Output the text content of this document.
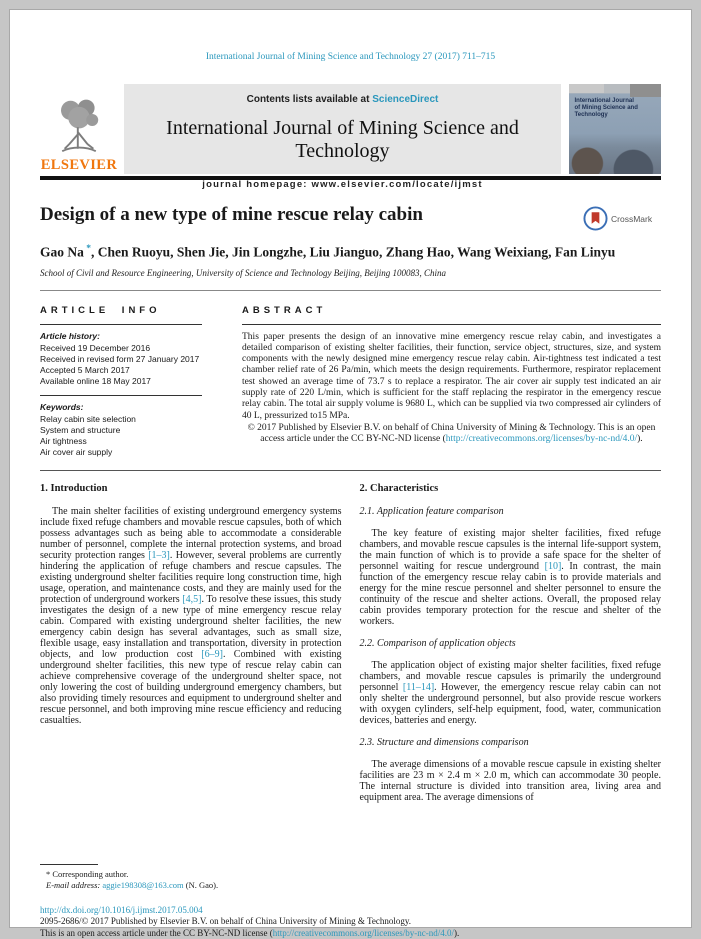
International Journal of Mining Science and Technology 27 (2017) 711–715
ELSEVIER
Contents lists available at ScienceDirect
International Journal of Mining Science and Technology
journal homepage: www.elsevier.com/locate/ijmst
International Journal of Mining Science and Technology
Design of a new type of mine rescue relay cabin	CrossMark
Gao Na *, Chen Ruoyu, Shen Jie, Jin Longzhe, Liu Jianguo, Zhang Hao, Wang Weixiang, Fan Linyu
School of Civil and Resource Engineering, University of Science and Technology Beijing, Beijing 100083, China
ARTICLE INFO
Article history:
Received 19 December 2016
Received in revised form 27 January 2017
Accepted 5 March 2017
Available online 18 May 2017
Keywords:
Relay cabin site selection
System and structure
Air tightness
Air cover air supply
ABSTRACT
This paper presents the design of an innovative mine emergency rescue relay cabin, and investigates a detailed comparison of existing shelter facilities, their function, service object, structures, size, and system components with the newly designed mine emergency rescue relay cabin. Air-tightness test indicated a test chamber relief rate of 26 Pa/min, which meets the design requirements. Furthermore, respirator replacement test showed an average time of 73.7 s to replace a respirator. The air cover air supply test indicated an air supply rate of 220 L/min, which is sufficient for the staff replacing the respirator in the emergency rescue relay cabin. The total air supply volume is 9680 L, which can be supplied via two compressed air cylinders of 40 L, pressurized to15 MPa.
© 2017 Published by Elsevier B.V. on behalf of China University of Mining & Technology. This is an open access article under the CC BY-NC-ND license (http://creativecommons.org/licenses/by-nc-nd/4.0/).
1. Introduction
The main shelter facilities of existing underground emergency systems include fixed refuge chambers and movable rescue capsules, both of which possess advantages such as being able to accommodate a considerable number of personnel, complete the internal protection systems, and broad security protection ranges [1–3]. However, several problems are currently hindering the application of refuge chambers and rescue capsules. The existing underground shelter facilities require long construction time, high usage, operation, and maintenance costs, and they are mainly used for the protection of underground workers [4,5]. To resolve these issues, this study investigates the design of a new type of mine emergency rescue relay cabin. Compared with existing underground shelter facilities, the new emergency cabin design has several advantages, such as small size, flexible usage, easy installation and transportation, diversity in protection objects, and low production cost [6–9]. Combined with existing underground shelter facilities, this new type of rescue relay cabin can achieve comprehensive coverage of the underground shelter space, not only lowering the cost of building underground emergency chambers, but also providing timely resources and equipment to underground shelter and rescue personnel, and both improving mine rescue efficiency and reducing casualties.
* Corresponding author.
E-mail address: aggie198308@163.com (N. Gao).
2. Characteristics
2.1. Application feature comparison
The key feature of existing major shelter facilities, fixed refuge chambers, and movable rescue capsules is the internal life-support system, the main function of which is to provide a safe space for the shelter of personnel waiting for rescue underground [10]. In contrast, the main function of the emergency rescue relay cabin is to provide materials and energy for the mine rescue personnel and shelter personnel to ensure the continuity of the rescue and shelter actions. Overall, the proposed relay cabin provides temporary protection for the rescue and shelter of the workers.
2.2. Comparison of application objects
The application object of existing major shelter facilities, fixed refuge chambers, and movable rescue capsules is primarily the underground personnel [11–14]. However, the emergency rescue relay cabin can not only shelter the underground personnel, but also provide rescue workers with oxygen cylinders, self-help equipment, food, water, communication devices, batteries and energy.
2.3. Structure and dimensions comparison
The average dimensions of a movable rescue capsule in existing shelter facilities are 23 m × 2.4 m × 2.0 m, which can accommodate 30 people. The internal structure is divided into transition area, living area and equipment area. The average dimensions of
http://dx.doi.org/10.1016/j.ijmst.2017.05.004
2095-2686/© 2017 Published by Elsevier B.V. on behalf of China University of Mining & Technology.
This is an open access article under the CC BY-NC-ND license (http://creativecommons.org/licenses/by-nc-nd/4.0/).
